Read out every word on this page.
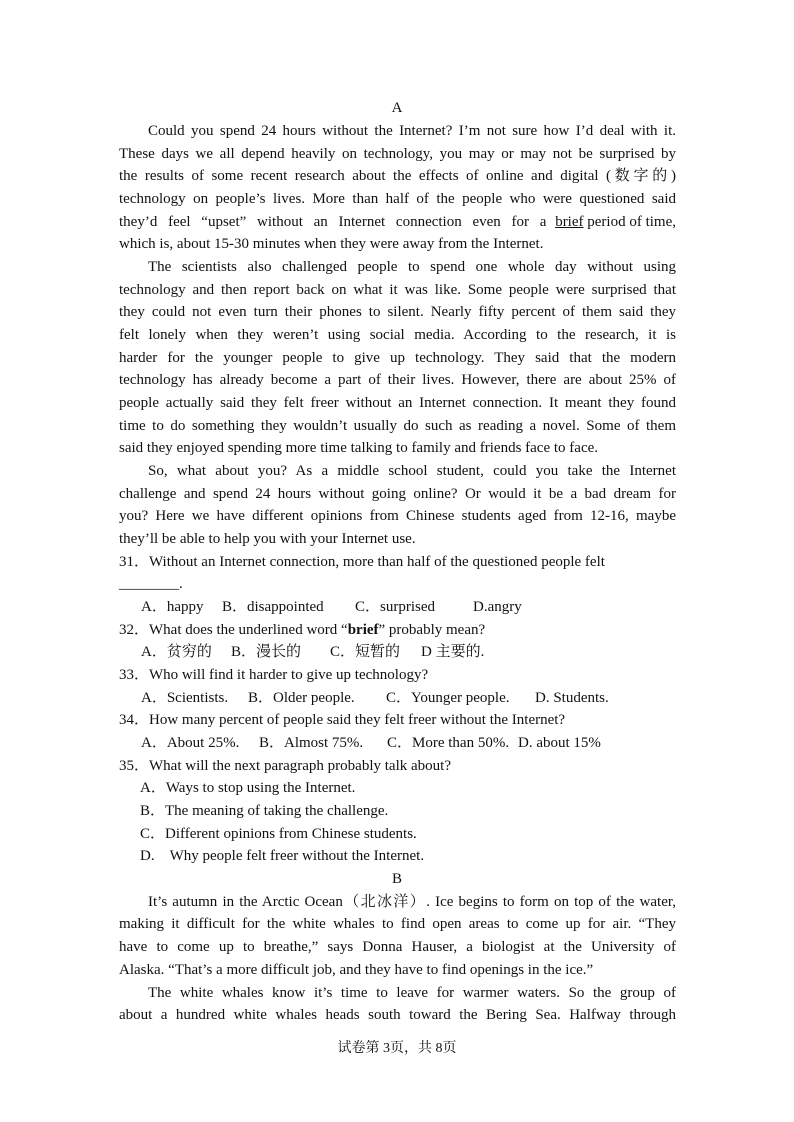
A
Could you spend 24 hours without the Internet? I’m not sure how I’d deal with it.
These days we all depend heavily on technology, you may or may not be surprised by
the results of some recent research about the effects of online and digital (数字的)
technology on people’s lives. More than half of the people who were questioned said
they’d feel “upset” without an Internet connection even for a brief period of time,
which is, about 15-30 minutes when they were away from the Internet.
The scientists also challenged people to spend one whole day without using
technology and then report back on what it was like. Some people were surprised that
they could not even turn their phones to silent. Nearly fifty percent of them said they
felt lonely when they weren’t using social media. According to the research, it is
harder for the younger people to give up technology. They said that the modern
technology has already become a part of their lives. However, there are about 25% of
people actually said they felt freer without an Internet connection. It meant they found
time to do something they wouldn’t usually do such as reading a novel. Some of them
said they enjoyed spending more time talking to family and friends face to face.
So, what about you? As a middle school student, could you take the Internet
challenge and spend 24 hours without going online? Or would it be a bad dream for
you? Here we have different opinions from Chinese students aged from 12-16, maybe
they’ll be able to help you with your Internet use.
31．Without an Internet connection, more than half of the questioned people felt
________.
A．happy B．disappointed C．surprised	D.angry
32．What does the underlined word “brief” probably mean?
A．贫穷的 B．漫长的 C．短暂的 D 主要的.
33．Who will find it harder to give up technology?
A．Scientists. B．Older people. C．Younger people. D. Students.
34．How many percent of people said they felt freer without the Internet?
A．About 25%. B．Almost 75%. C．More than 50%. D. about 15%
35．What will the next paragraph probably talk about?
A．Ways to stop using the Internet.
B．The meaning of taking the challenge.
C．Different opinions from Chinese students.
D.　Why people felt freer without the Internet.
B
It’s autumn in the Arctic Ocean（北冰洋）. Ice begins to form on top of the water,
making it difficult for the white whales to find open areas to come up for air. “They
have to come up to breathe,” says Donna Hauser, a biologist at the University of
Alaska. “That’s a more difficult job, and they have to find openings in the ice.”
The white whales know it’s time to leave for warmer waters. So the group of
about a hundred white whales heads south toward the Bering Sea. Halfway through
试卷第 3页，共 8页
